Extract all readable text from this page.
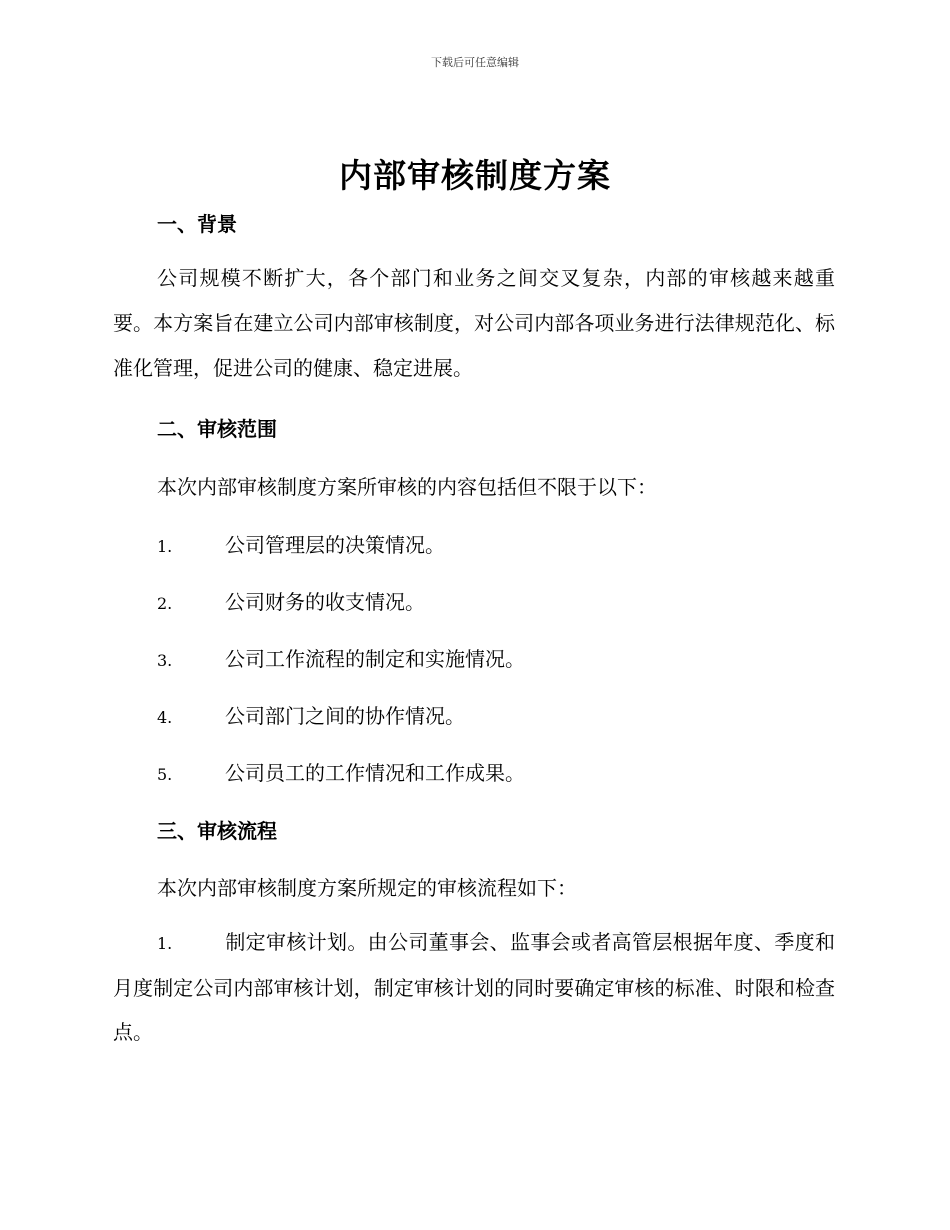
下载后可任意编辑
内部审核制度方案
一、背景
公司规模不断扩大，各个部门和业务之间交叉复杂，内部的审核越来越重要。本方案旨在建立公司内部审核制度，对公司内部各项业务进行法律规范化、标准化管理，促进公司的健康、稳定进展。
二、审核范围
本次内部审核制度方案所审核的内容包括但不限于以下：
1.	公司管理层的决策情况。
2.	公司财务的收支情况。
3.	公司工作流程的制定和实施情况。
4.	公司部门之间的协作情况。
5.	公司员工的工作情况和工作成果。
三、审核流程
本次内部审核制度方案所规定的审核流程如下：
1.	制定审核计划。由公司董事会、监事会或者高管层根据年度、季度和月度制定公司内部审核计划，制定审核计划的同时要确定审核的标准、时限和检查点。
